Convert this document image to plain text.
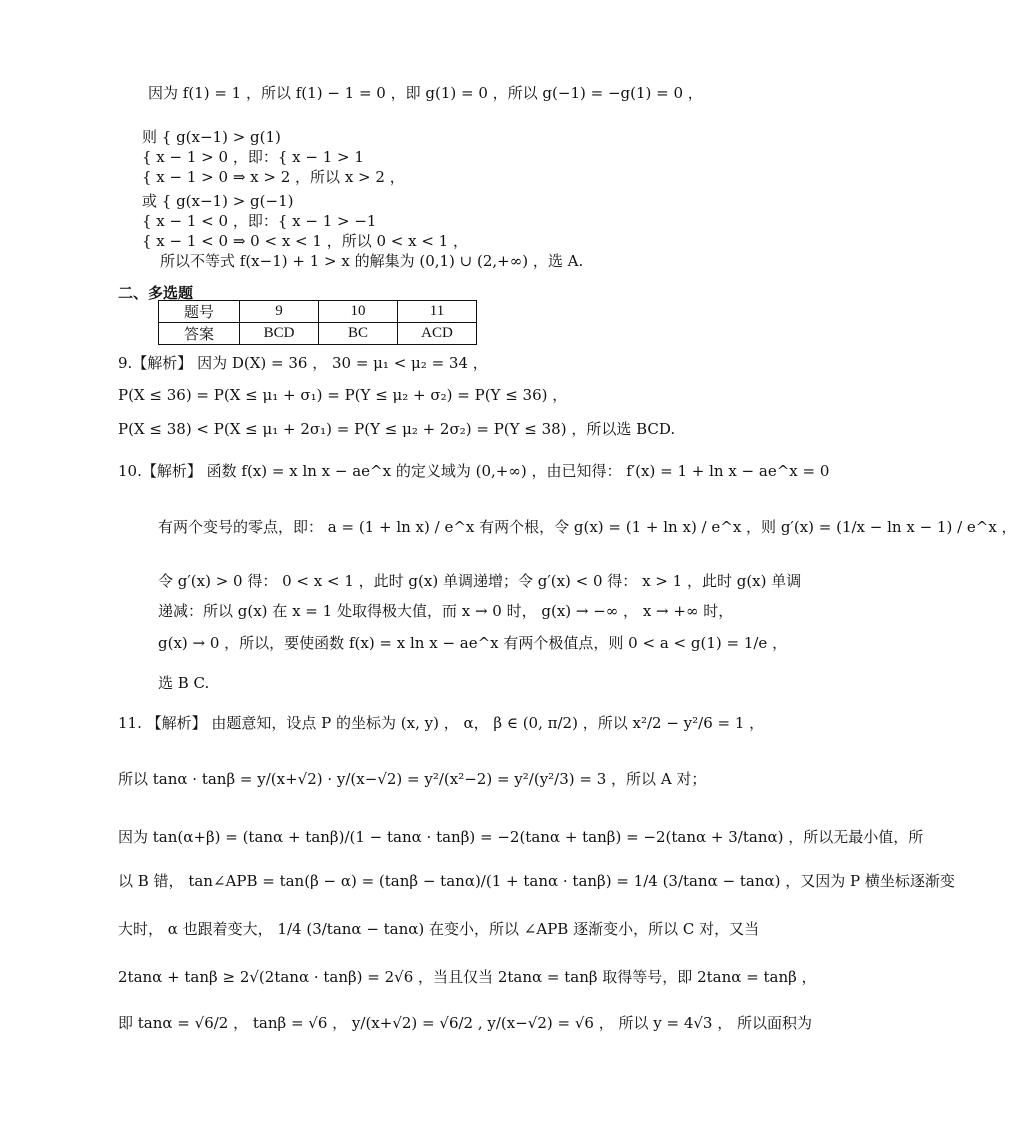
因为 f(1) = 1 ，所以 f(1) − 1 = 0 ，即 g(1) = 0 ，所以 g(−1) = −g(1) = 0 ，
则 { g(x−1) > g(1)
{ x − 1 > 0 ，即：{ x − 1 > 1
{ x − 1 > 0 ⇒ x > 2 ，所以 x > 2 ，
或 { g(x−1) > g(−1)
{ x − 1 < 0 ，即：{ x − 1 > −1
{ x − 1 < 0 ⇒ 0 < x < 1 ，所以 0 < x < 1 ，
所以不等式 f(x−1) + 1 > x 的解集为 (0,1) ∪ (2,+∞) ，选 A.
二、多选题
题号	9	10	11
答案	BCD	BC	ACD
9.【解析】 因为 D(X) = 36 ， 30 = μ₁ < μ₂ = 34 ，
P(X ≤ 36) = P(X ≤ μ₁ + σ₁) = P(Y ≤ μ₂ + σ₂) = P(Y ≤ 36) ，
P(X ≤ 38) < P(X ≤ μ₁ + 2σ₁) = P(Y ≤ μ₂ + 2σ₂) = P(Y ≤ 38) ，所以选 BCD.
10.【解析】 函数 f(x) = x ln x − ae^x 的定义域为 (0,+∞) ，由已知得： f′(x) = 1 + ln x − ae^x = 0
有两个变号的零点，即： a = (1 + ln x) / e^x 有两个根，令 g(x) = (1 + ln x) / e^x ，则 g′(x) = (1/x − ln x − 1) / e^x ，
令 g′(x) > 0 得： 0 < x < 1 ，此时 g(x) 单调递增；令 g′(x) < 0 得： x > 1 ，此时 g(x) 单调
递减：所以 g(x) 在 x = 1 处取得极大值，而 x → 0 时， g(x) → −∞ ， x → +∞ 时，
g(x) → 0 ，所以，要使函数 f(x) = x ln x − ae^x 有两个极值点，则 0 < a < g(1) = 1/e ，
选 B C.
11. 【解析】 由题意知，设点 P 的坐标为 (x, y) ， α， β ∈ (0, π/2) ，所以 x²/2 − y²/6 = 1 ，
所以 tanα · tanβ = y/(x+√2) · y/(x−√2) = y²/(x²−2) = y²/(y²/3) = 3 ，所以 A 对；
因为 tan(α+β) = (tanα + tanβ)/(1 − tanα · tanβ) = −2(tanα + tanβ) = −2(tanα + 3/tanα) ，所以无最小值，所
以 B 错， tan∠APB = tan(β − α) = (tanβ − tanα)/(1 + tanα · tanβ) = 1/4 (3/tanα − tanα) ，又因为 P 横坐标逐渐变
大时， α 也跟着变大， 1/4 (3/tanα − tanα) 在变小，所以 ∠APB 逐渐变小，所以 C 对，又当
2tanα + tanβ ≥ 2√(2tanα · tanβ) = 2√6 ，当且仅当 2tanα = tanβ 取得等号，即 2tanα = tanβ ，
即 tanα = √6/2 ， tanβ = √6 ， y/(x+√2) = √6/2 , y/(x−√2) = √6 ， 所以 y = 4√3 ， 所以面积为
